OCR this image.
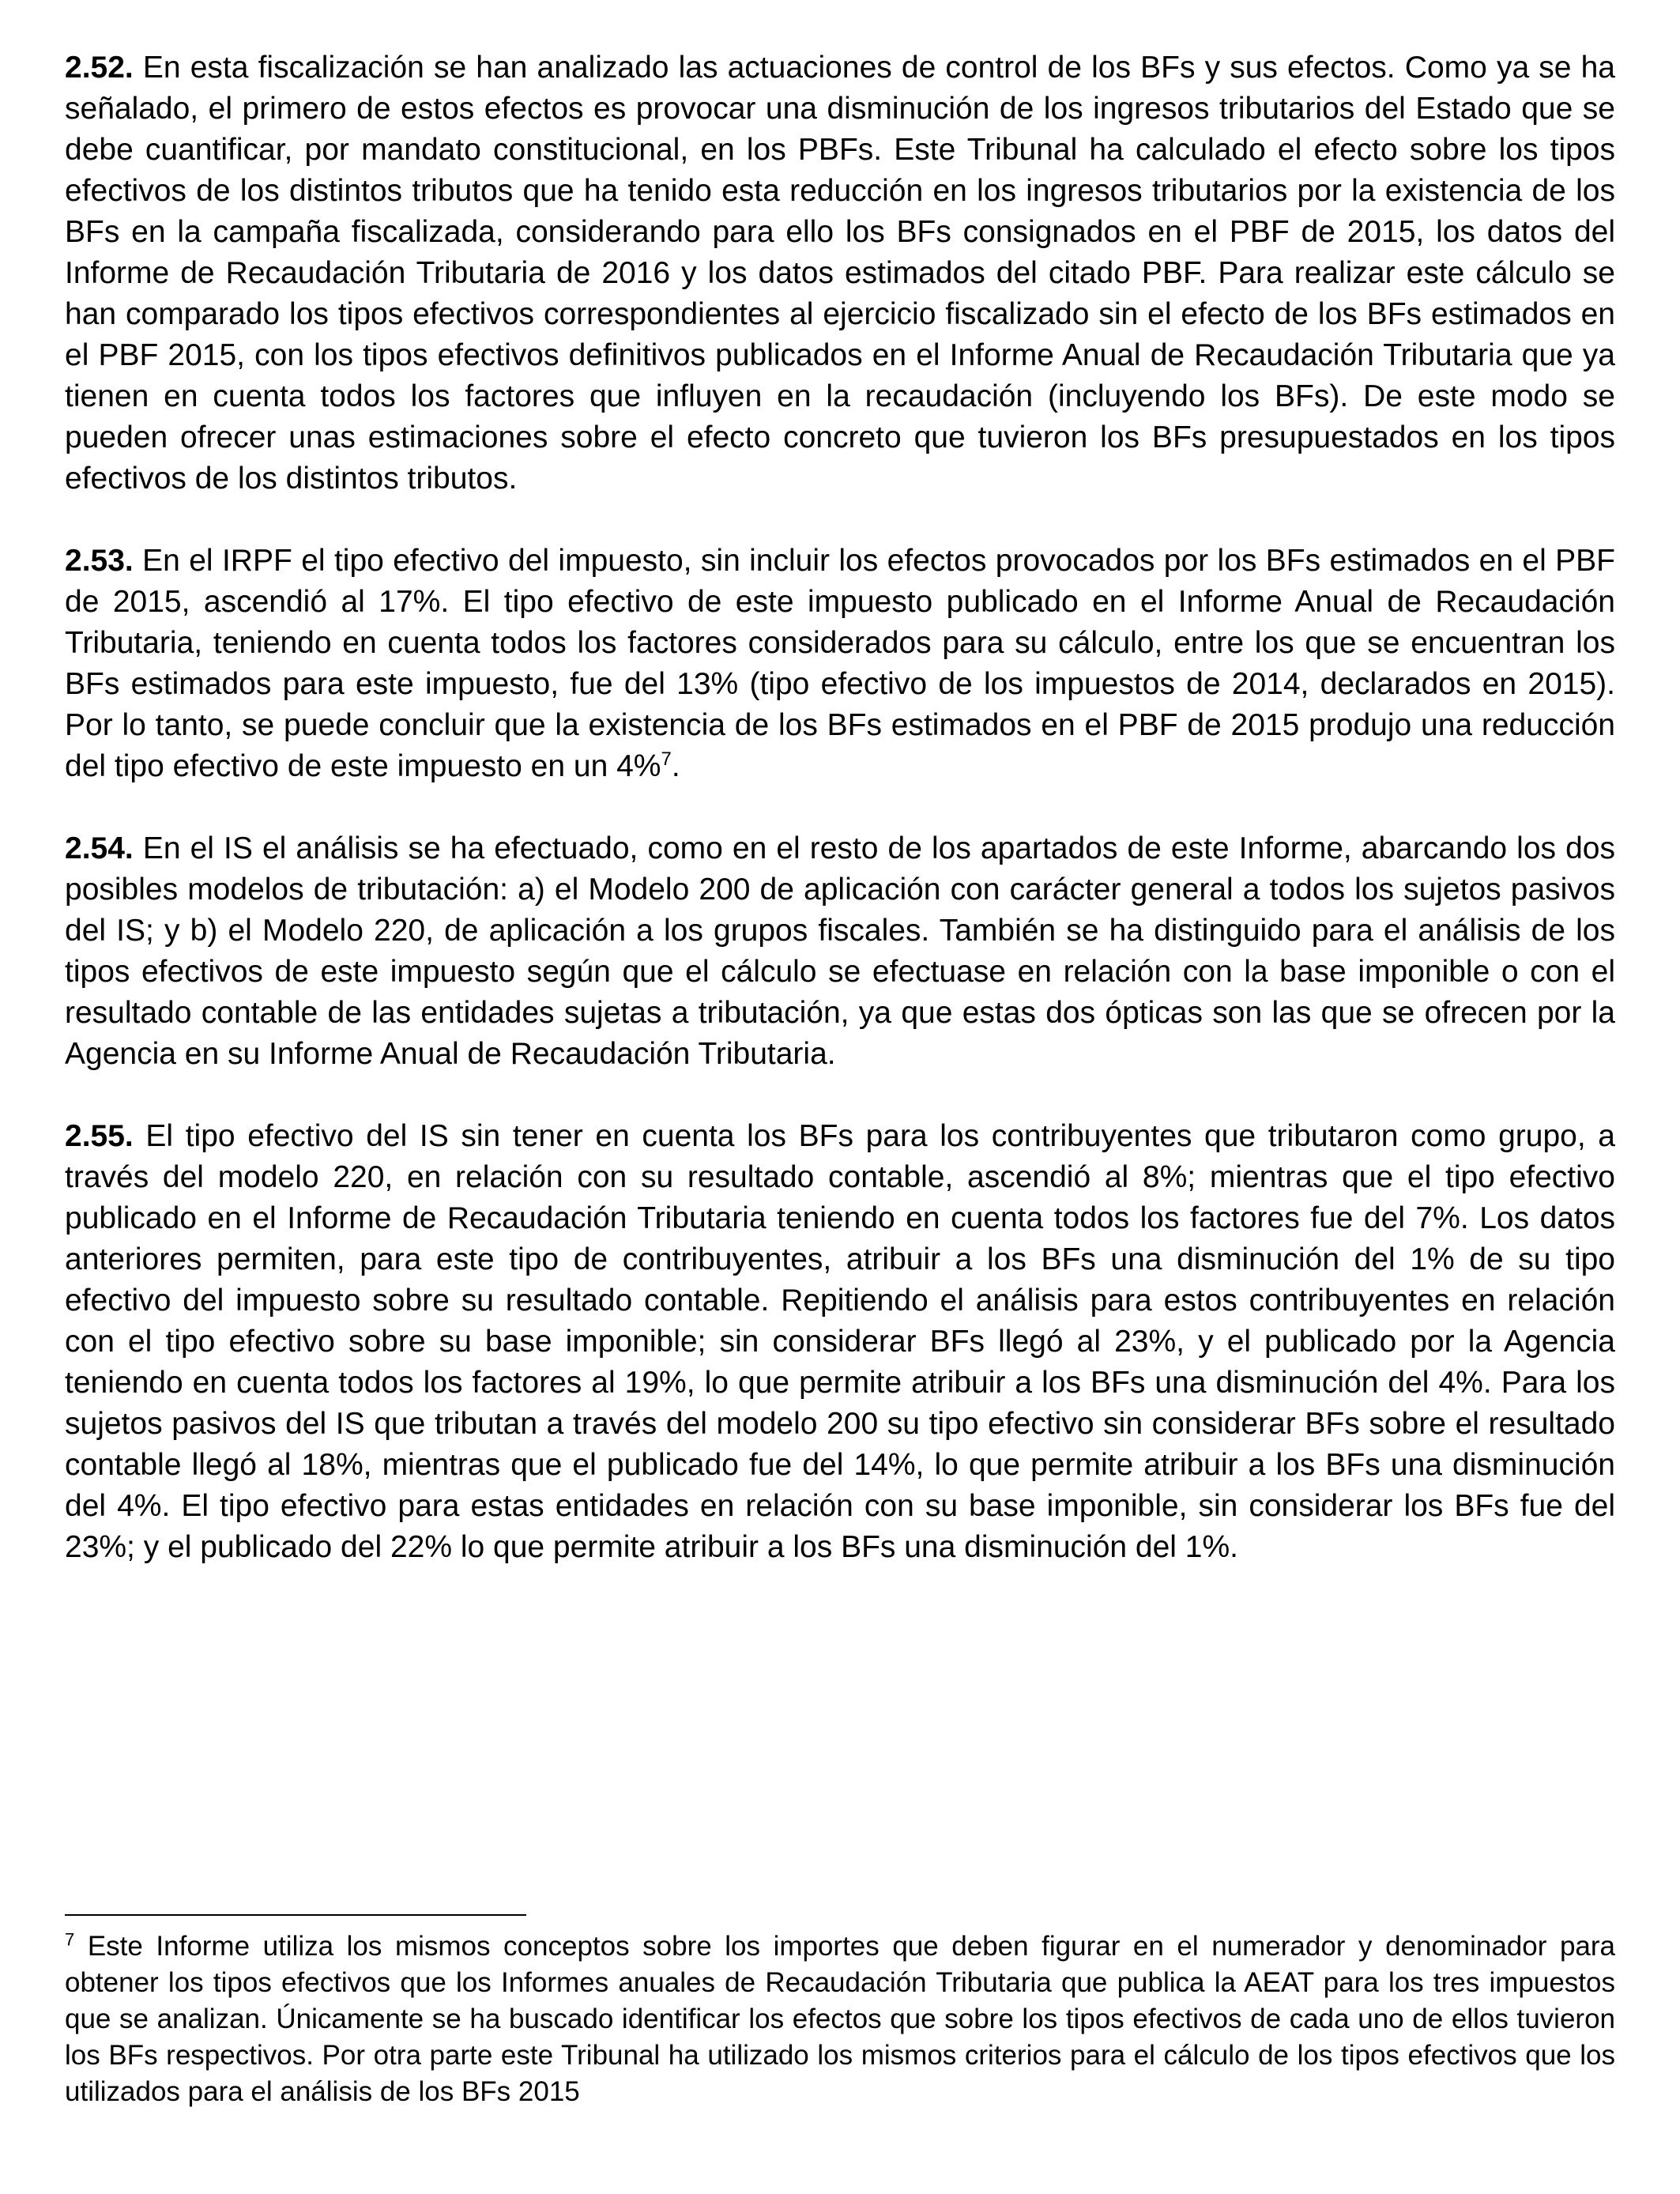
2.52. En esta fiscalización se han analizado las actuaciones de control de los BFs y sus efectos. Como ya se ha señalado, el primero de estos efectos es provocar una disminución de los ingresos tributarios del Estado que se debe cuantificar, por mandato constitucional, en los PBFs. Este Tribunal ha calculado el efecto sobre los tipos efectivos de los distintos tributos que ha tenido esta reducción en los ingresos tributarios por la existencia de los BFs en la campaña fiscalizada, considerando para ello los BFs consignados en el PBF de 2015, los datos del Informe de Recaudación Tributaria de 2016 y los datos estimados del citado PBF. Para realizar este cálculo se han comparado los tipos efectivos correspondientes al ejercicio fiscalizado sin el efecto de los BFs estimados en el PBF 2015, con los tipos efectivos definitivos publicados en el Informe Anual de Recaudación Tributaria que ya tienen en cuenta todos los factores que influyen en la recaudación (incluyendo los BFs). De este modo se pueden ofrecer unas estimaciones sobre el efecto concreto que tuvieron los BFs presupuestados en los tipos efectivos de los distintos tributos.

2.53. En el IRPF el tipo efectivo del impuesto, sin incluir los efectos provocados por los BFs estimados en el PBF de 2015, ascendió al 17%. El tipo efectivo de este impuesto publicado en el Informe Anual de Recaudación Tributaria, teniendo en cuenta todos los factores considerados para su cálculo, entre los que se encuentran los BFs estimados para este impuesto, fue del 13% (tipo efectivo de los impuestos de 2014, declarados en 2015). Por lo tanto, se puede concluir que la existencia de los BFs estimados en el PBF de 2015 produjo una reducción del tipo efectivo de este impuesto en un 4%$^7$.

2.54. En el IS el análisis se ha efectuado, como en el resto de los apartados de este Informe, abarcando los dos posibles modelos de tributación: a) el Modelo 200 de aplicación con carácter general a todos los sujetos pasivos del IS; y b) el Modelo 220, de aplicación a los grupos fiscales. También se ha distinguido para el análisis de los tipos efectivos de este impuesto según que el cálculo se efectuase en relación con la base imponible o con el resultado contable de las entidades sujetas a tributación, ya que estas dos ópticas son las que se ofrecen por la Agencia en su Informe Anual de Recaudación Tributaria.

2.55. El tipo efectivo del IS sin tener en cuenta los BFs para los contribuyentes que tributaron como grupo, a través del modelo 220, en relación con su resultado contable, ascendió al 8%; mientras que el tipo efectivo publicado en el Informe de Recaudación Tributaria teniendo en cuenta todos los factores fue del 7%. Los datos anteriores permiten, para este tipo de contribuyentes, atribuir a los BFs una disminución del 1% de su tipo efectivo del impuesto sobre su resultado contable. Repitiendo el análisis para estos contribuyentes en relación con el tipo efectivo sobre su base imponible; sin considerar BFs llegó al 23%, y el publicado por la Agencia teniendo en cuenta todos los factores al 19%, lo que permite atribuir a los BFs una disminución del 4%. Para los sujetos pasivos del IS que tributan a través del modelo 200 su tipo efectivo sin considerar BFs sobre el resultado contable llegó al 18%, mientras que el publicado fue del 14%, lo que permite atribuir a los BFs una disminución del 4%. El tipo efectivo para estas entidades en relación con su base imponible, sin considerar los BFs fue del 23%; y el publicado del 22% lo que permite atribuir a los BFs una disminución del 1%.

$^7$ Este Informe utiliza los mismos conceptos sobre los importes que deben figurar en el numerador y denominador para obtener los tipos efectivos que los Informes anuales de Recaudación Tributaria que publica la AEAT para los tres impuestos que se analizan. Únicamente se ha buscado identificar los efectos que sobre los tipos efectivos de cada uno de ellos tuvieron los BFs respectivos. Por otra parte este Tribunal ha utilizado los mismos criterios para el cálculo de los tipos efectivos que los utilizados para el análisis de los BFs 2015
